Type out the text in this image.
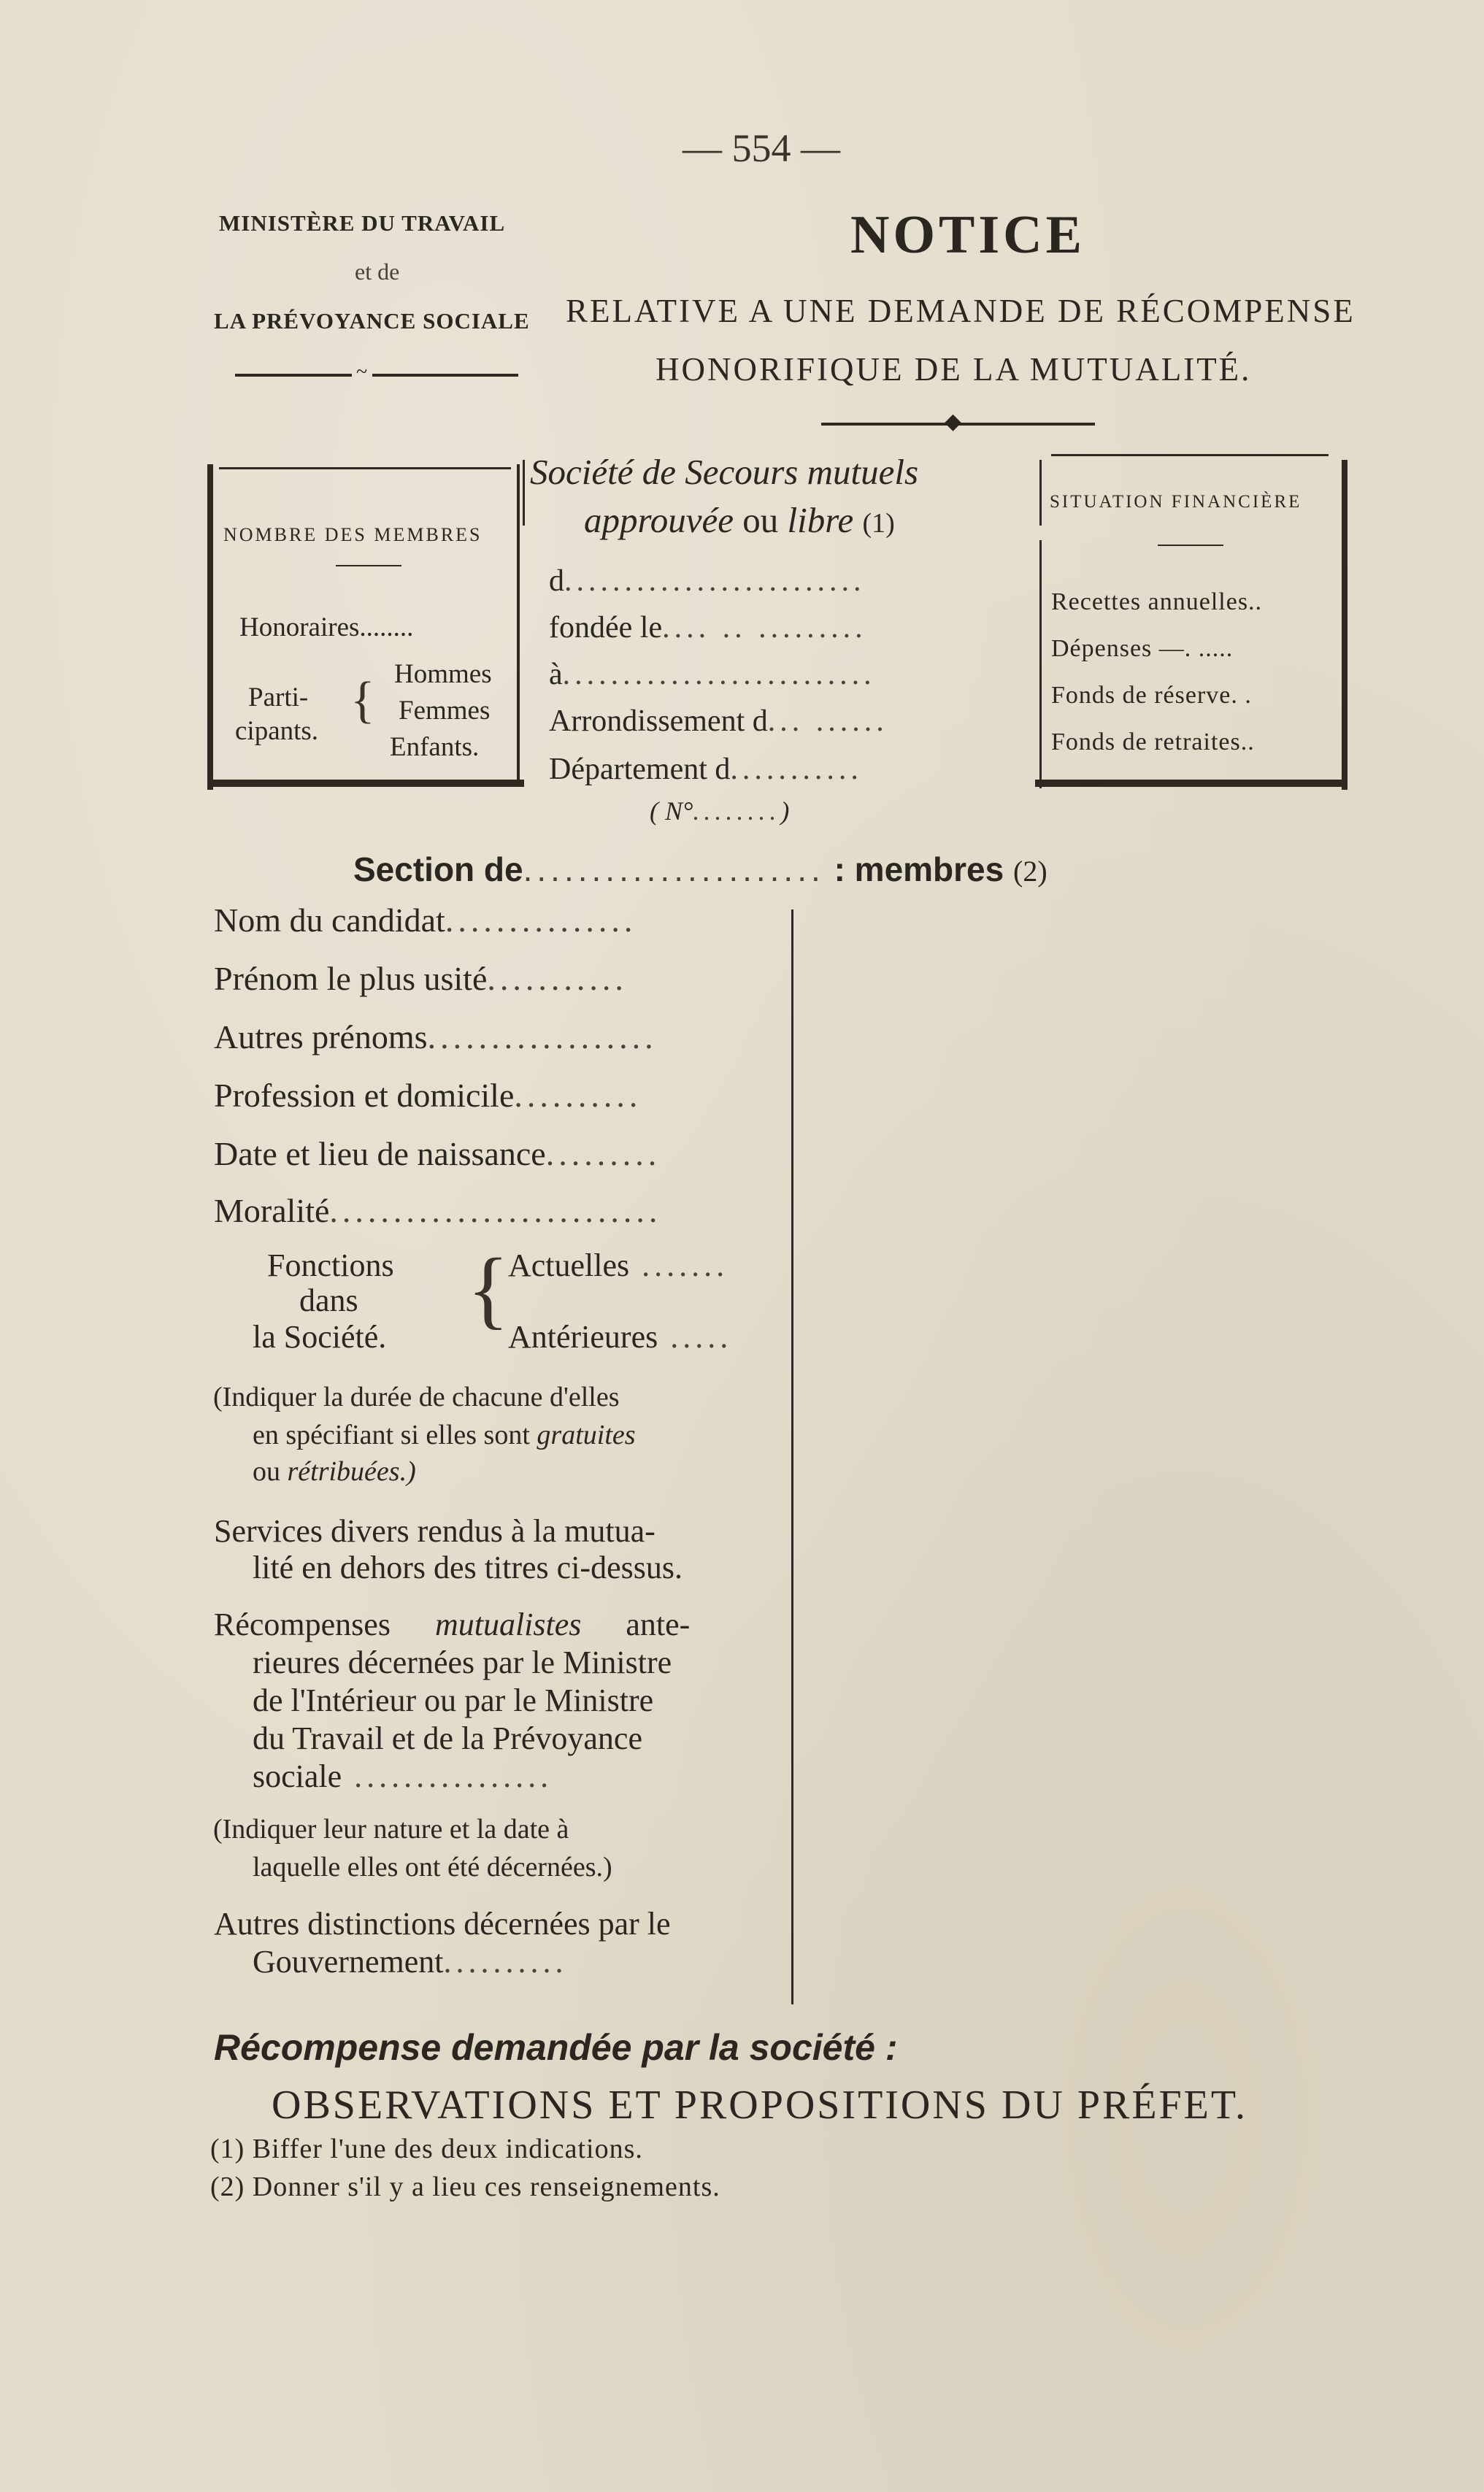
— 554 —
MINISTÈRE DU TRAVAIL
et de
LA PRÉVOYANCE SOCIALE
~
NOTICE
RELATIVE A UNE DEMANDE DE RÉCOMPENSE
HONORIFIQUE DE LA MUTUALITÉ.
◆
NOMBRE DES MEMBRES
Honoraires........
Parti-
cipants.
{ Hommes
Femmes
Enfants.
Société de Secours mutuels
approuvée ou libre (1)
d.........................
fondée le.... .. .........
à..........................
Arrondissement d... ......
Département d...........
( N°........)
SITUATION FINANCIÈRE
Recettes annuelles..
Dépenses —. .....
Fonds de réserve. .
Fonds de retraites..
Section de...................... : membres (2)
Nom du candidat...............
Prénom le plus usité...........
Autres prénoms..................
Profession et domicile..........
Date et lieu de naissance.........
Moralité..........................
Fonctions
dans
la Société. {
Actuelles .......
Antérieures .....
(Indiquer la durée de chacune d'elles
en spécifiant si elles sont gratuites
ou rétribuées.)
Services divers rendus à la mutua-
lité en dehors des titres ci-dessus.
Récompenses mutualistes ante-
rieures décernées par le Ministre
de l'Intérieur ou par le Ministre
du Travail et de la Prévoyance
sociale ................
(Indiquer leur nature et la date à
laquelle elles ont été décernées.)
Autres distinctions décernées par le
Gouvernement..........
Récompense demandée par la société :
OBSERVATIONS ET PROPOSITIONS DU PRÉFET.
(1) Biffer l'une des deux indications.
(2) Donner s'il y a lieu ces renseignements.
